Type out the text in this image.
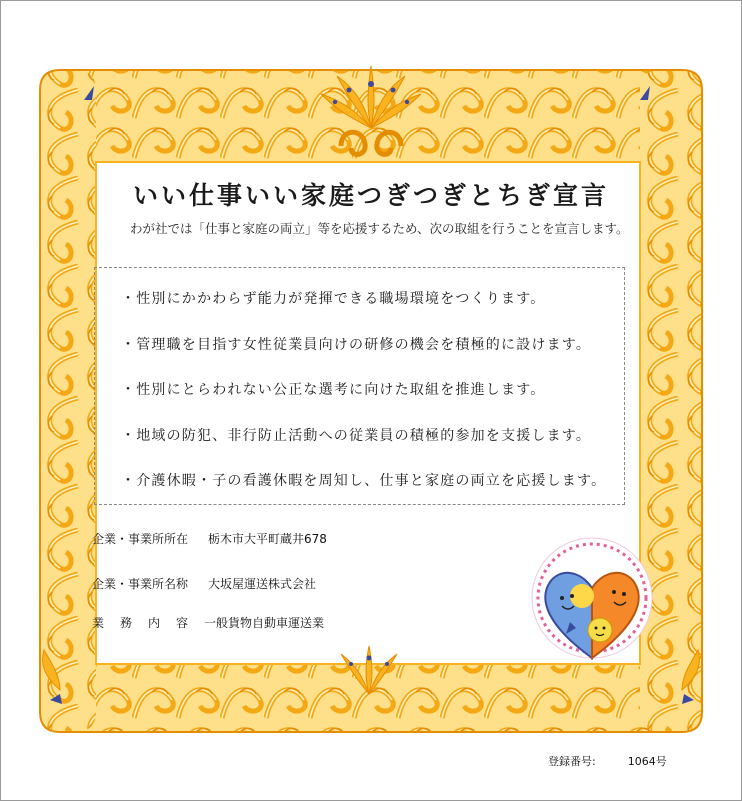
いい仕事いい家庭つぎつぎとちぎ宣言
わが社では「仕事と家庭の両立」等を応援するため、次の取組を行うことを宣言します。
・性別にかかわらず能力が発揮できる職場環境をつくります。
・管理職を目指す女性従業員向けの研修の機会を積極的に設けます。
・性別にとらわれない公正な選考に向けた取組を推進します。
・地域の防犯、非行防止活動への従業員の積極的参加を支援します。
・介護休暇・子の看護休暇を周知し、仕事と家庭の両立を応援します。
企業・事業所所在 栃木市大平町蔵井678
企業・事業所名称 大坂屋運送株式会社
業務内容一般貨物自動車運送業
登録番号:	1064号
